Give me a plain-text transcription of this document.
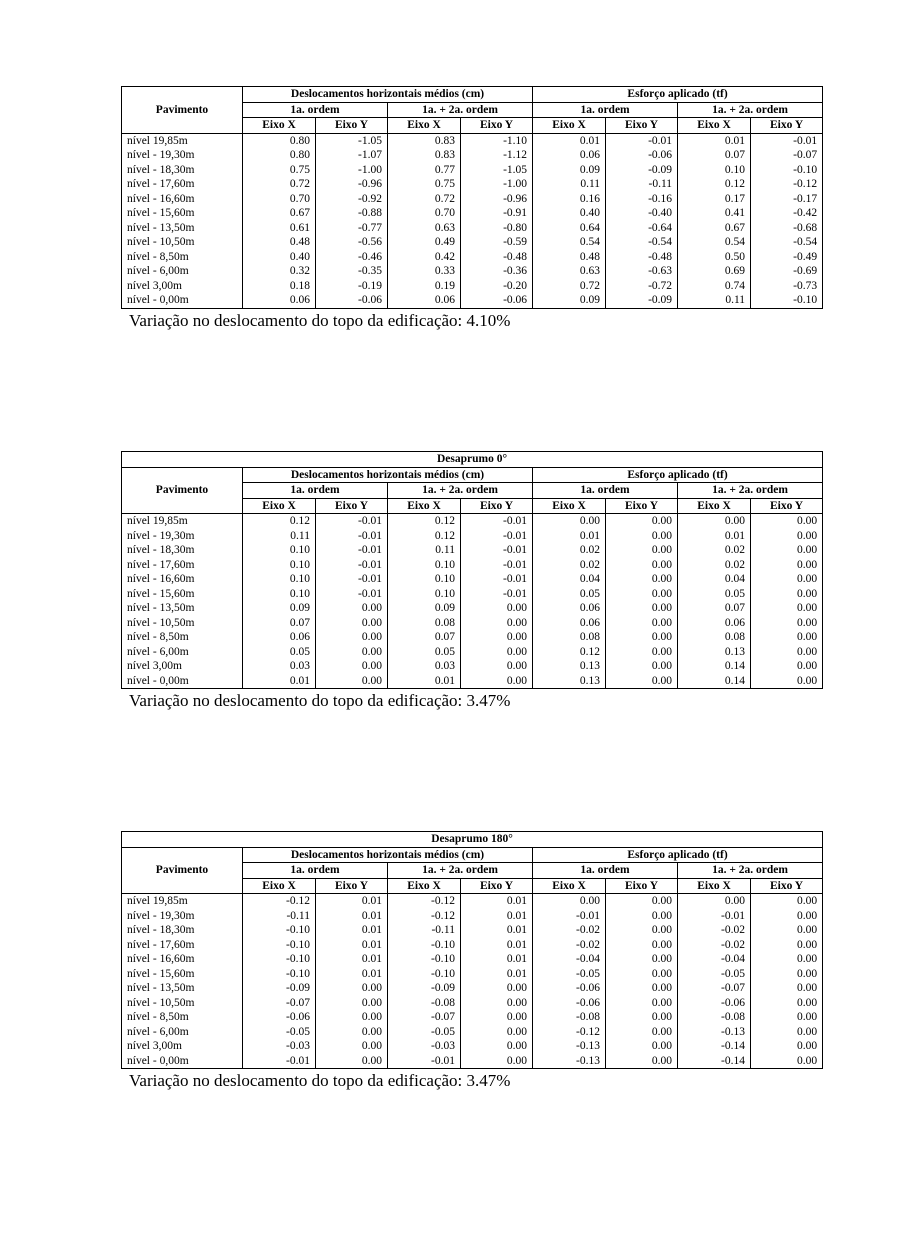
Pavimento	Deslocamentos horizontais médios (cm)				Esforço aplicado (tf)			
	1a. ordem		1a. + 2a. ordem		1a. ordem		1a. + 2a. ordem	
	Eixo X	Eixo Y	Eixo X	Eixo Y	Eixo X	Eixo Y	Eixo X	Eixo Y
nível 19,85m	0.80	-1.05	0.83	-1.10	0.01	-0.01	0.01	-0.01
nível - 19,30m	0.80	-1.07	0.83	-1.12	0.06	-0.06	0.07	-0.07
nível - 18,30m	0.75	-1.00	0.77	-1.05	0.09	-0.09	0.10	-0.10
nível - 17,60m	0.72	-0.96	0.75	-1.00	0.11	-0.11	0.12	-0.12
nível - 16,60m	0.70	-0.92	0.72	-0.96	0.16	-0.16	0.17	-0.17
nível - 15,60m	0.67	-0.88	0.70	-0.91	0.40	-0.40	0.41	-0.42
nível - 13,50m	0.61	-0.77	0.63	-0.80	0.64	-0.64	0.67	-0.68
nível - 10,50m	0.48	-0.56	0.49	-0.59	0.54	-0.54	0.54	-0.54
nível - 8,50m	0.40	-0.46	0.42	-0.48	0.48	-0.48	0.50	-0.49
nível - 6,00m	0.32	-0.35	0.33	-0.36	0.63	-0.63	0.69	-0.69
nível 3,00m	0.18	-0.19	0.19	-0.20	0.72	-0.72	0.74	-0.73
nível - 0,00m	0.06	-0.06	0.06	-0.06	0.09	-0.09	0.11	-0.10
Variação no deslocamento do topo da edificação: 4.10%
Desaprumo 0°								
Pavimento	Deslocamentos horizontais médios (cm)				Esforço aplicado (tf)			
	1a. ordem		1a. + 2a. ordem		1a. ordem		1a. + 2a. ordem	
	Eixo X	Eixo Y	Eixo X	Eixo Y	Eixo X	Eixo Y	Eixo X	Eixo Y
nível 19,85m	0.12	-0.01	0.12	-0.01	0.00	0.00	0.00	0.00
nível - 19,30m	0.11	-0.01	0.12	-0.01	0.01	0.00	0.01	0.00
nível - 18,30m	0.10	-0.01	0.11	-0.01	0.02	0.00	0.02	0.00
nível - 17,60m	0.10	-0.01	0.10	-0.01	0.02	0.00	0.02	0.00
nível - 16,60m	0.10	-0.01	0.10	-0.01	0.04	0.00	0.04	0.00
nível - 15,60m	0.10	-0.01	0.10	-0.01	0.05	0.00	0.05	0.00
nível - 13,50m	0.09	0.00	0.09	0.00	0.06	0.00	0.07	0.00
nível - 10,50m	0.07	0.00	0.08	0.00	0.06	0.00	0.06	0.00
nível - 8,50m	0.06	0.00	0.07	0.00	0.08	0.00	0.08	0.00
nível - 6,00m	0.05	0.00	0.05	0.00	0.12	0.00	0.13	0.00
nível 3,00m	0.03	0.00	0.03	0.00	0.13	0.00	0.14	0.00
nível - 0,00m	0.01	0.00	0.01	0.00	0.13	0.00	0.14	0.00
Variação no deslocamento do topo da edificação: 3.47%
Desaprumo 180°								
Pavimento	Deslocamentos horizontais médios (cm)				Esforço aplicado (tf)			
	1a. ordem		1a. + 2a. ordem		1a. ordem		1a. + 2a. ordem	
	Eixo X	Eixo Y	Eixo X	Eixo Y	Eixo X	Eixo Y	Eixo X	Eixo Y
nível 19,85m	-0.12	0.01	-0.12	0.01	0.00	0.00	0.00	0.00
nível - 19,30m	-0.11	0.01	-0.12	0.01	-0.01	0.00	-0.01	0.00
nível - 18,30m	-0.10	0.01	-0.11	0.01	-0.02	0.00	-0.02	0.00
nível - 17,60m	-0.10	0.01	-0.10	0.01	-0.02	0.00	-0.02	0.00
nível - 16,60m	-0.10	0.01	-0.10	0.01	-0.04	0.00	-0.04	0.00
nível - 15,60m	-0.10	0.01	-0.10	0.01	-0.05	0.00	-0.05	0.00
nível - 13,50m	-0.09	0.00	-0.09	0.00	-0.06	0.00	-0.07	0.00
nível - 10,50m	-0.07	0.00	-0.08	0.00	-0.06	0.00	-0.06	0.00
nível - 8,50m	-0.06	0.00	-0.07	0.00	-0.08	0.00	-0.08	0.00
nível - 6,00m	-0.05	0.00	-0.05	0.00	-0.12	0.00	-0.13	0.00
nível 3,00m	-0.03	0.00	-0.03	0.00	-0.13	0.00	-0.14	0.00
nível - 0,00m	-0.01	0.00	-0.01	0.00	-0.13	0.00	-0.14	0.00
Variação no deslocamento do topo da edificação: 3.47%
